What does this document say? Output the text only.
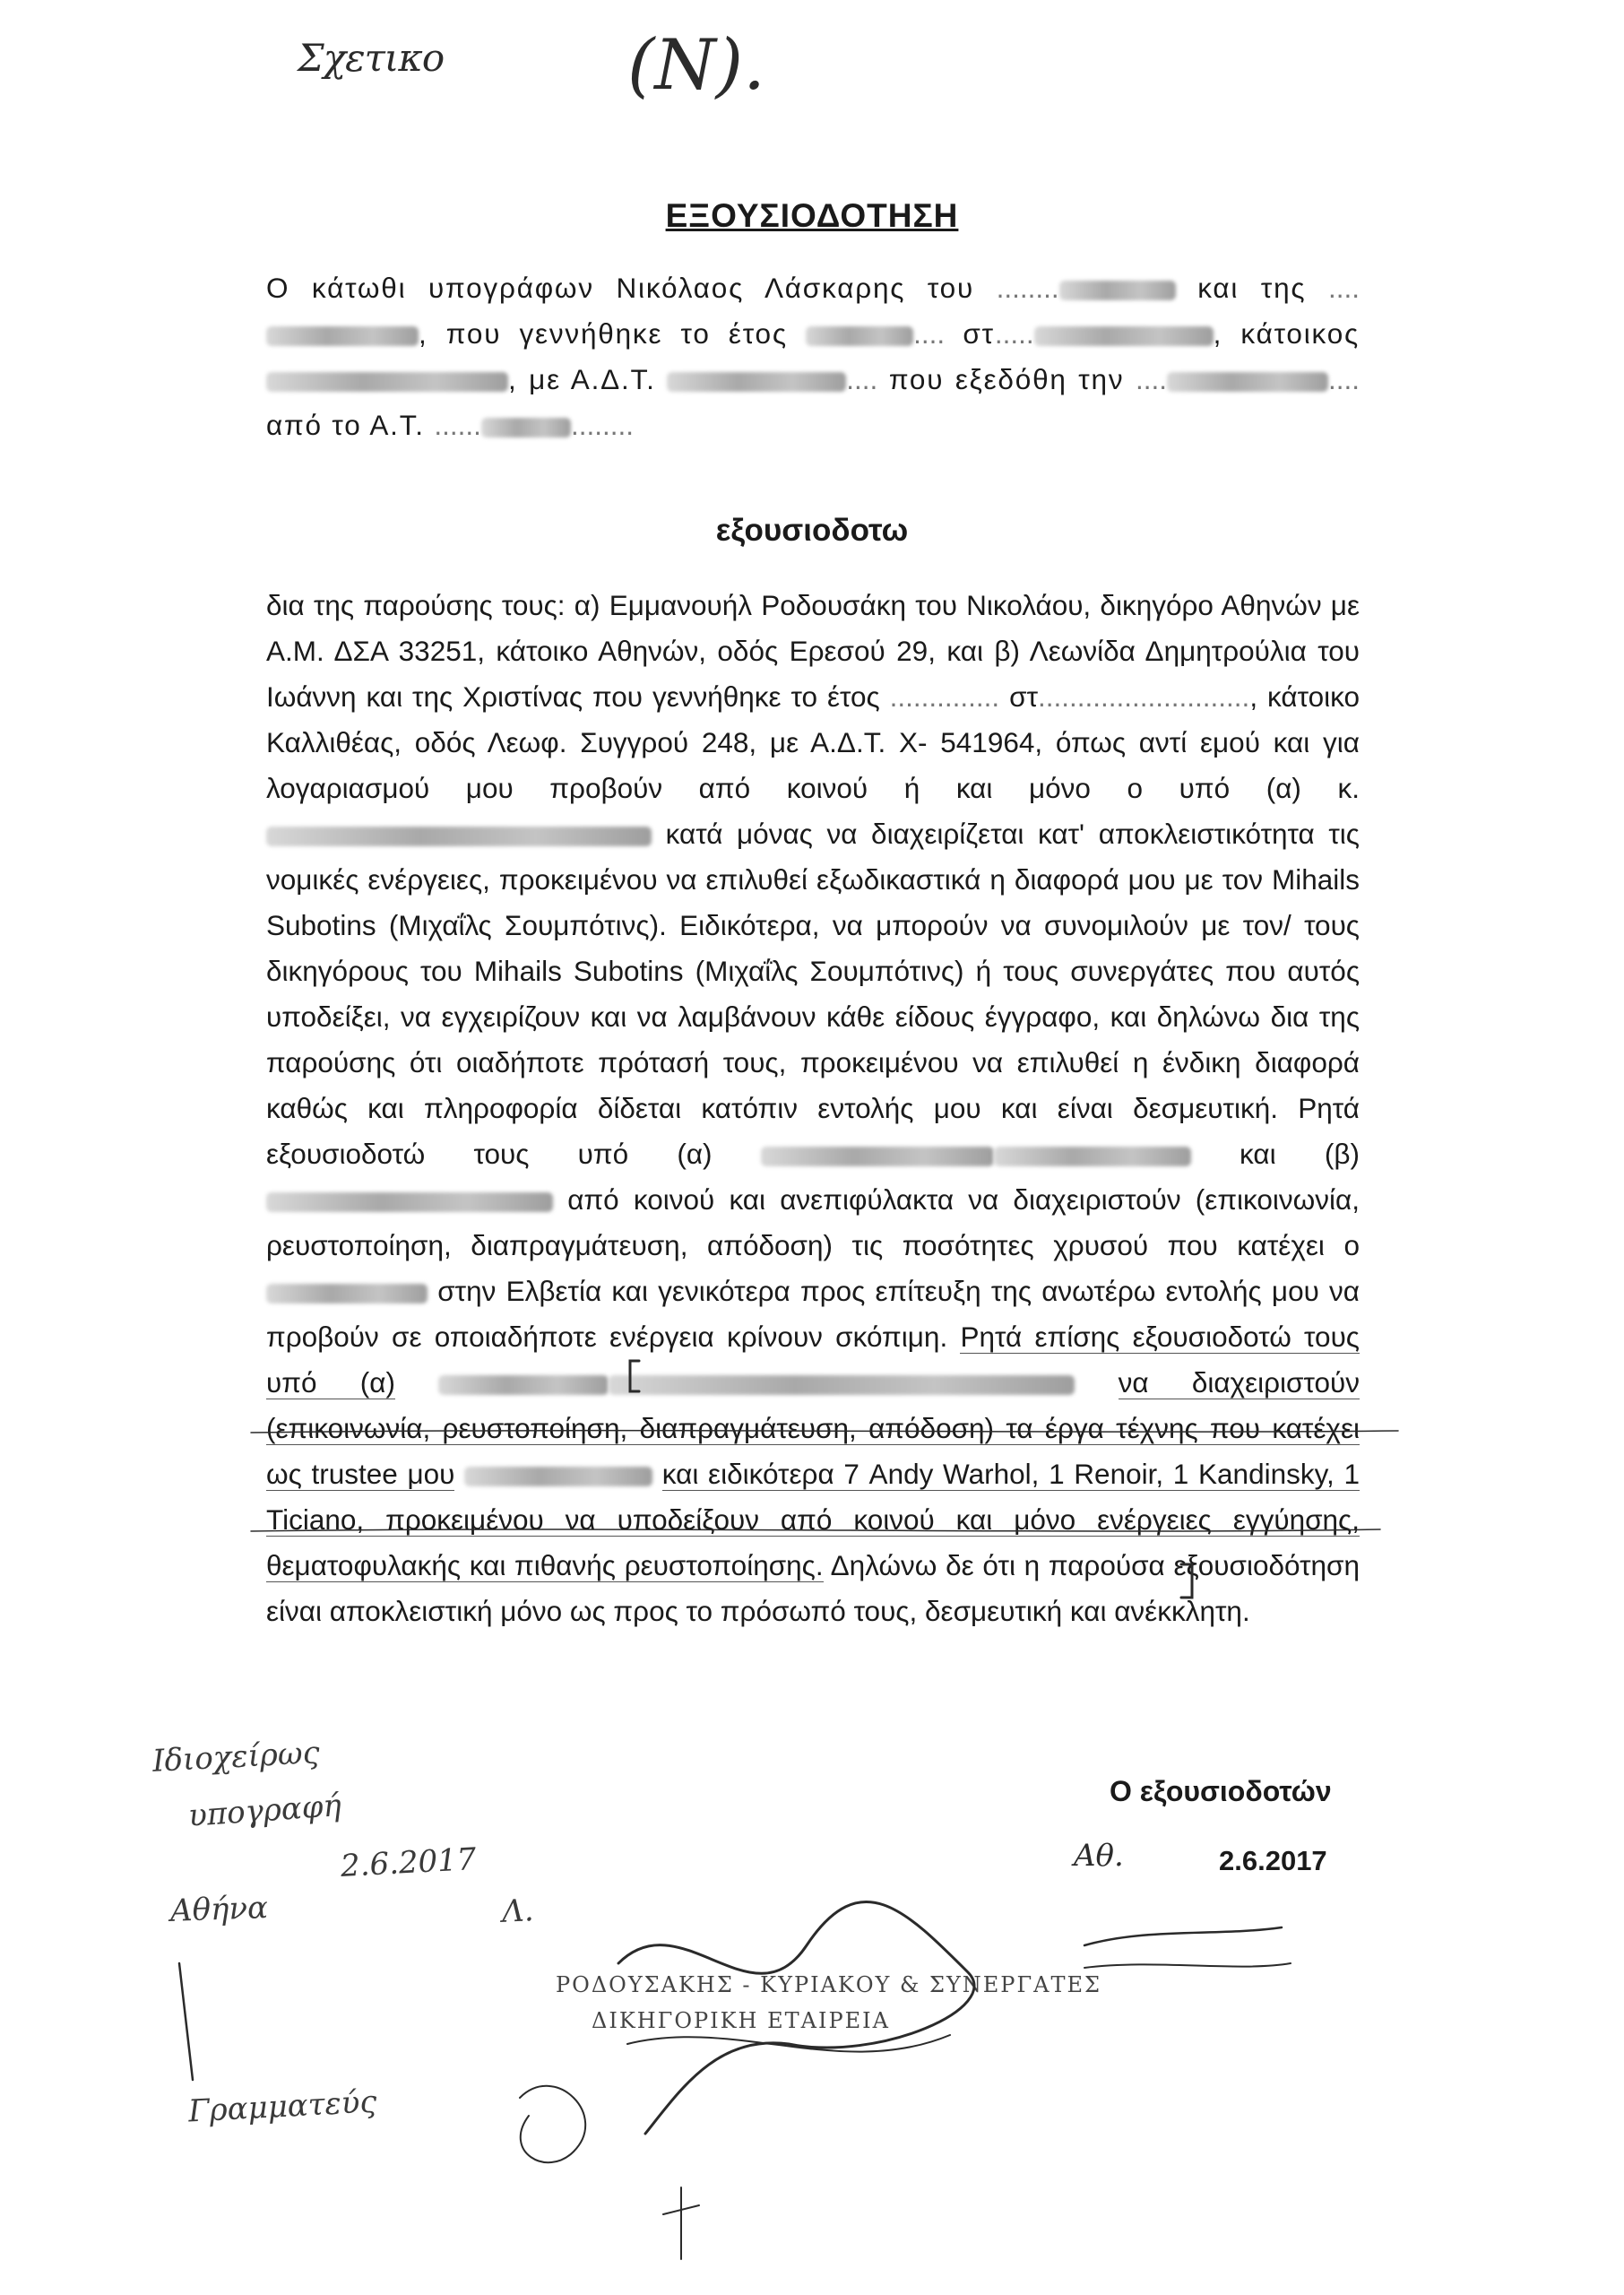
Σχετικο	(Ν).
ΕΞΟΥΣΙΟΔΟΤΗΣΗ
Ο κάτωθι υπογράφων Νικόλαος Λάσκαρης του ........	και της ...., που γεννήθηκε το έτος	.... στ.....	, κάτοικος , με Α.Δ.Τ.	.... που εξεδόθη την ....	.... από το Α.Τ. ......	........
εξουσιοδοτω
δια της παρούσης τους: α) Εμμανουήλ Ροδουσάκη του Νικολάου, δικηγόρο Αθηνών με Α.Μ. ΔΣΑ 33251, κάτοικο Αθηνών, οδός Ερεσού 29, και β) Λεωνίδα Δημητρούλια του Ιωάννη και της Χριστίνας που γεννήθηκε το έτος .............. στ..........................., κάτοικο Καλλιθέας, οδός Λεωφ. Συγγρού 248, με Α.Δ.Τ. Χ- 541964, όπως αντί εμού και για λογαριασμού μου προβούν από κοινού ή και μόνο ο υπό (α) κ.  κατά μόνας να διαχειρίζεται κατ' αποκλειστικότητα τις νομικές ενέργειες, προκειμένου να επιλυθεί εξωδικαστικά η διαφορά μου με τον Mihails Subotins (Μιχαΐλς Σουμπότινς). Ειδικότερα, να μπορούν να συνομιλούν με τον/ τους δικηγόρους του Mihails Subotins (Μιχαΐλς Σουμπότινς) ή τους συνεργάτες που αυτός υποδείξει, να εγχειρίζουν και να λαμβάνουν κάθε είδους έγγραφο, και δηλώνω δια της παρούσης ότι οιαδήποτε πρότασή τους, προκειμένου να επιλυθεί η ένδικη διαφορά καθώς και πληροφορία δίδεται κατόπιν εντολής μου και είναι δεσμευτική. Ρητά εξουσιοδοτώ τους υπό (α)	και (β)  από κοινού και ανεπιφύλακτα να διαχειριστούν (επικοινωνία, ρευστοποίηση, διαπραγμάτευση, απόδοση) τις ποσότητες χρυσού που κατέχει ο  στην Ελβετία και γενικότερα προς επίτευξη της ανωτέρω εντολής μου να προβούν σε οποιαδήποτε ενέργεια κρίνουν σκόπιμη. Ρητά επίσης εξουσιοδοτώ τους υπό (α)	να διαχειριστούν (επικοινωνία, ρευστοποίηση, διαπραγμάτευση, απόδοση) τα έργα τέχνης που κατέχει ως trustee μου	και ειδικότερα 7 Andy Warhol, 1 Renoir, 1 Kandinsky, 1 Ticiano, προκειμένου να υποδείξουν από κοινού και μόνο ενέργειες εγγύησης, θεματοφυλακής και πιθανής ρευστοποίησης. Δηλώνω δε ότι η παρούσα εξουσιοδότηση είναι αποκλειστική μόνο ως προς το πρόσωπό τους, δεσμευτική και ανέκκλητη.
Ο εξουσιοδοτών
Αθ.	2.6.2017
Ιδιοχείρως
υπογραφή
2.6.2017
Αθήνα	Λ.
Γραμματεύς
ΡΟΔΟΥΣΑΚΗΣ - ΚΥΡΙΑΚΟΥ & ΣΥΝΕΡΓΑΤΕΣ
ΔΙΚΗΓΟΡΙΚΗ ΕΤΑΙΡΕΙΑ
